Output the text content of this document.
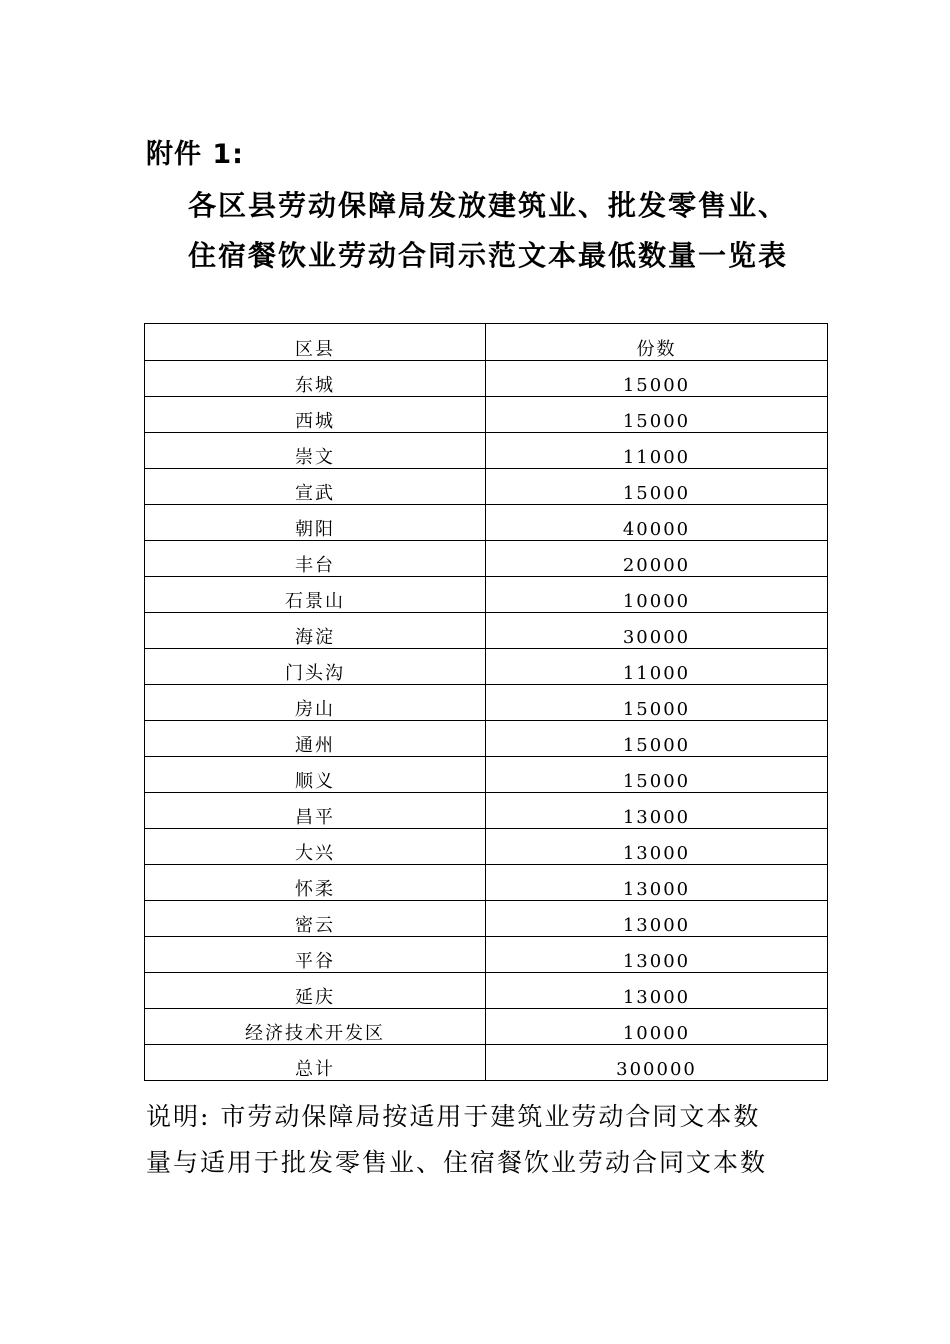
附件 1:
各区县劳动保障局发放建筑业、批发零售业、
住宿餐饮业劳动合同示范文本最低数量一览表
区县	份数
东城	15000
西城	15000
崇文	11000
宣武	15000
朝阳	40000
丰台	20000
石景山	10000
海淀	30000
门头沟	11000
房山	15000
通州	15000
顺义	15000
昌平	13000
大兴	13000
怀柔	13000
密云	13000
平谷	13000
延庆	13000
经济技术开发区	10000
总计	300000

说明: 市劳动保障局按适用于建筑业劳动合同文本数

量与适用于批发零售业、住宿餐饮业劳动合同文本数
